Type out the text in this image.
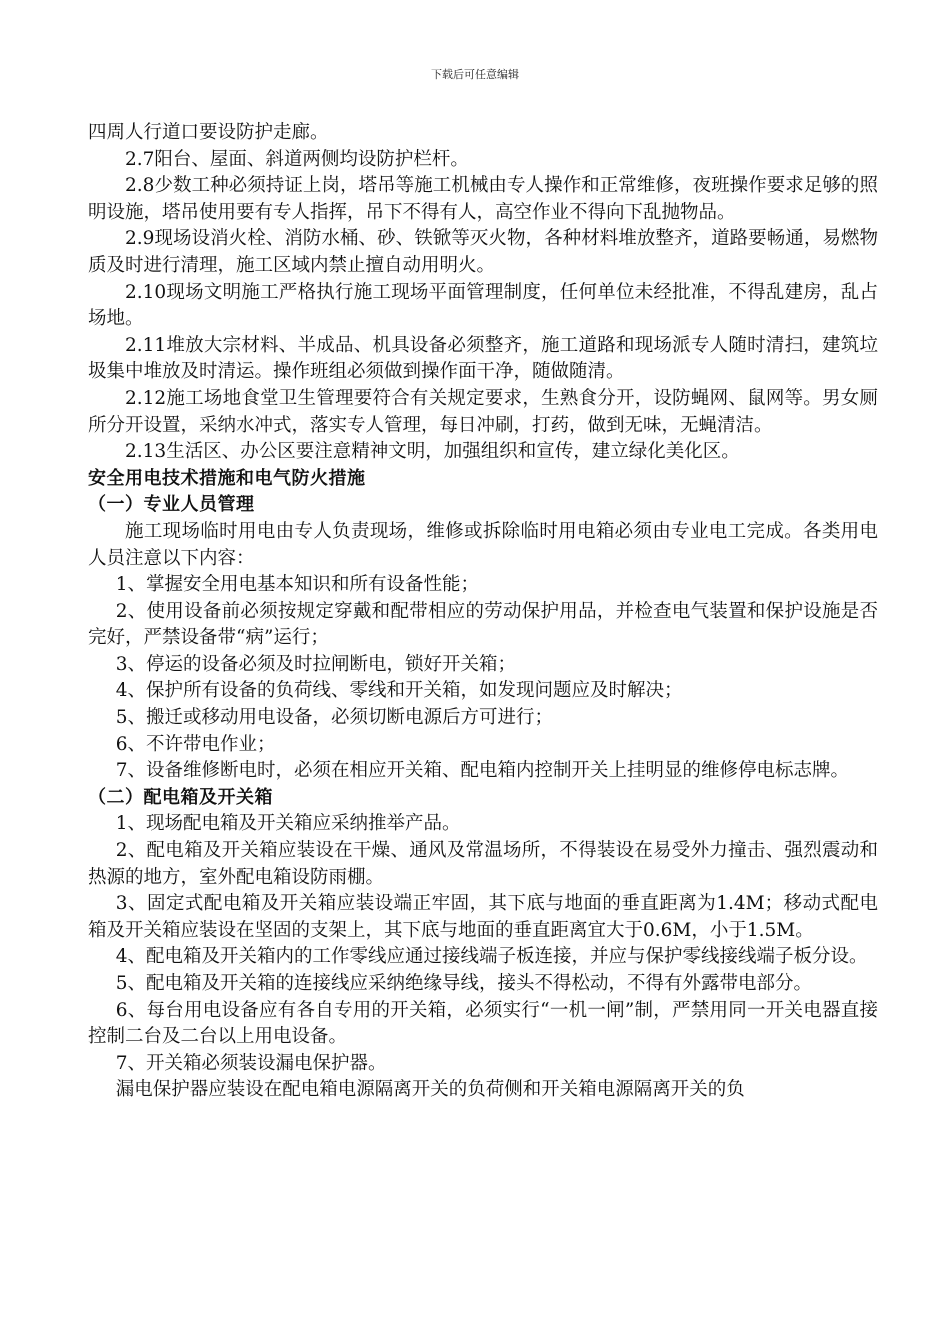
下载后可任意编辑

四周人行道口要设防护走廊。

2.7阳台、屋面、斜道两侧均设防护栏杆。

2.8少数工种必须持证上岗，塔吊等施工机械由专人操作和正常维修，夜班操作要求足够的照明设施，塔吊使用要有专人指挥，吊下不得有人，高空作业不得向下乱抛物品。

2.9现场设消火栓、消防水桶、砂、铁锨等灭火物，各种材料堆放整齐，道路要畅通，易燃物质及时进行清理，施工区域内禁止擅自动用明火。

2.10现场文明施工严格执行施工现场平面管理制度，任何单位未经批准，不得乱建房，乱占场地。

2.11堆放大宗材料、半成品、机具设备必须整齐，施工道路和现场派专人随时清扫，建筑垃圾集中堆放及时清运。操作班组必须做到操作面干净，随做随清。

2.12施工场地食堂卫生管理要符合有关规定要求，生熟食分开，设防蝇网、鼠网等。男女厕所分开设置，采纳水冲式，落实专人管理，每日冲刷，打药，做到无味，无蝇清洁。

2.13生活区、办公区要注意精神文明，加强组织和宣传，建立绿化美化区。

安全用电技术措施和电气防火措施

（一）专业人员管理

施工现场临时用电由专人负责现场，维修或拆除临时用电箱必须由专业电工完成。各类用电人员注意以下内容：

1、掌握安全用电基本知识和所有设备性能；

2、使用设备前必须按规定穿戴和配带相应的劳动保护用品，并检查电气装置和保护设施是否完好，严禁设备带“病”运行；

3、停运的设备必须及时拉闸断电，锁好开关箱；

4、保护所有设备的负荷线、零线和开关箱，如发现问题应及时解决；

5、搬迁或移动用电设备，必须切断电源后方可进行；

6、不许带电作业；

7、设备维修断电时，必须在相应开关箱、配电箱内控制开关上挂明显的维修停电标志牌。

（二）配电箱及开关箱

1、现场配电箱及开关箱应采纳推举产品。

2、配电箱及开关箱应装设在干燥、通风及常温场所，不得装设在易受外力撞击、强烈震动和热源的地方，室外配电箱设防雨棚。

3、固定式配电箱及开关箱应装设端正牢固，其下底与地面的垂直距离为1.4M；移动式配电箱及开关箱应装设在坚固的支架上，其下底与地面的垂直距离宜大于0.6M，小于1.5M。

4、配电箱及开关箱内的工作零线应通过接线端子板连接，并应与保护零线接线端子板分设。

5、配电箱及开关箱的连接线应采纳绝缘导线，接头不得松动，不得有外露带电部分。

6、每台用电设备应有各自专用的开关箱，必须实行“一机一闸”制，严禁用同一开关电器直接控制二台及二台以上用电设备。

7、开关箱必须装设漏电保护器。

漏电保护器应装设在配电箱电源隔离开关的负荷侧和开关箱电源隔离开关的负
